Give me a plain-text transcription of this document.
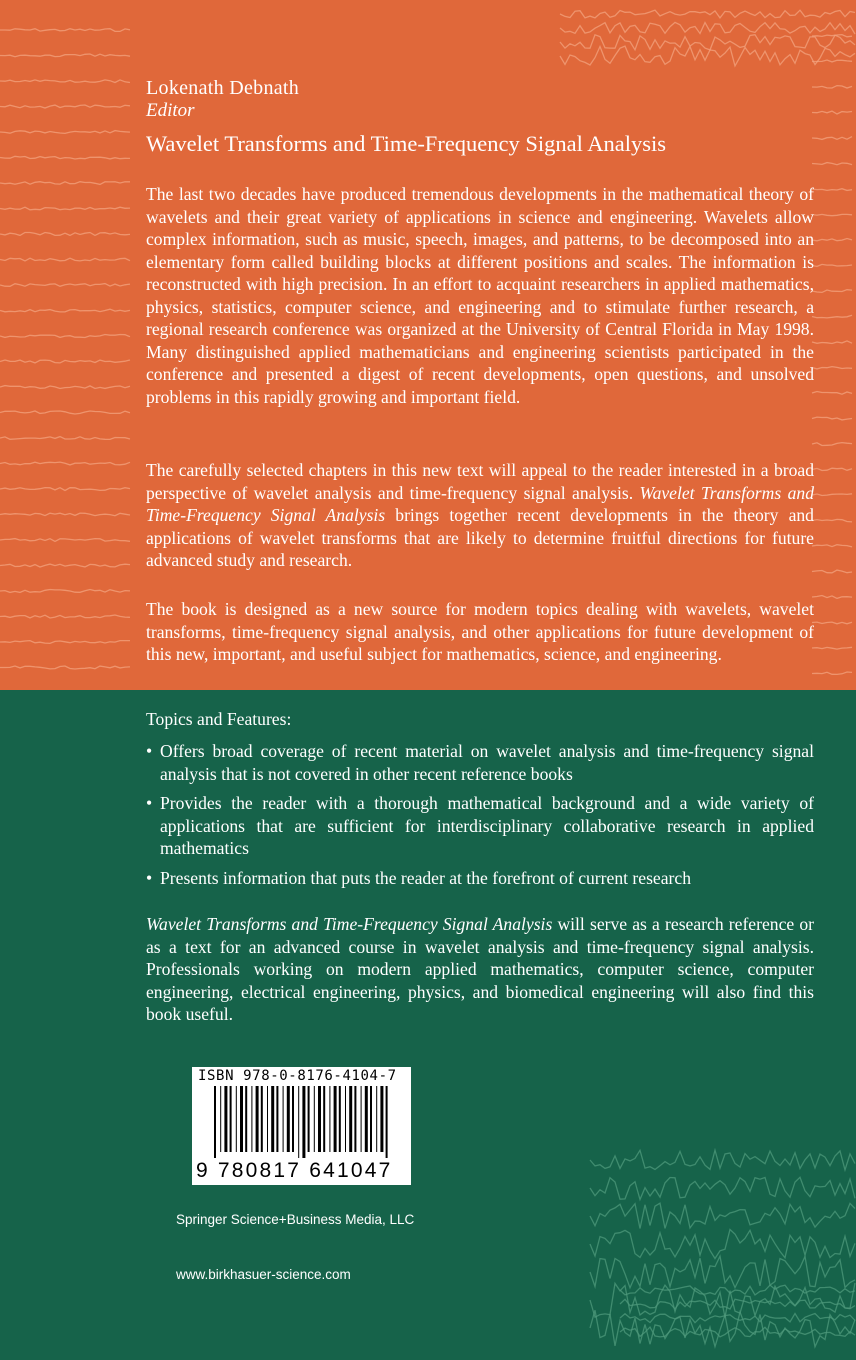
Lokenath Debnath
Editor
Wavelet Transforms and Time-Frequency Signal Analysis

The last two decades have produced tremendous developments in the mathematical theory of wavelets and their great variety of applications in science and engineering. Wavelets allow complex information, such as music, speech, images, and patterns, to be decomposed into an elementary form called building blocks at different positions and scales. The information is reconstructed with high precision. In an effort to acquaint researchers in applied mathematics, physics, statistics, computer science, and engineering and to stimulate further research, a regional research conference was organized at the University of Central Florida in May 1998. Many distinguished applied mathematicians and engineering scientists participated in the conference and presented a digest of recent developments, open questions, and unsolved problems in this rapidly growing and important field.

The carefully selected chapters in this new text will appeal to the reader interested in a broad perspective of wavelet analysis and time-frequency signal analysis. Wavelet Transforms and Time-Frequency Signal Analysis brings together recent developments in the theory and applications of wavelet transforms that are likely to determine fruitful directions for future advanced study and research.

The book is designed as a new source for modern topics dealing with wavelets, wavelet transforms, time-frequency signal analysis, and other applications for future development of this new, important, and useful subject for mathematics, science, and engineering.

Topics and Features:
• Offers broad coverage of recent material on wavelet analysis and time-frequency signal analysis that is not covered in other recent reference books
• Provides the reader with a thorough mathematical background and a wide variety of applications that are sufficient for interdisciplinary collaborative research in applied mathematics
• Presents information that puts the reader at the forefront of current research

Wavelet Transforms and Time-Frequency Signal Analysis will serve as a research reference or as a text for an advanced course in wavelet analysis and time-frequency signal analysis. Professionals working on modern applied mathematics, computer science, computer engineering, electrical engineering, physics, and biomedical engineering will also find this book useful.

ISBN 978-0-8176-4104-7
9 780817 641047
Springer Science+Business Media, LLC
www.birkhasuer-science.com
